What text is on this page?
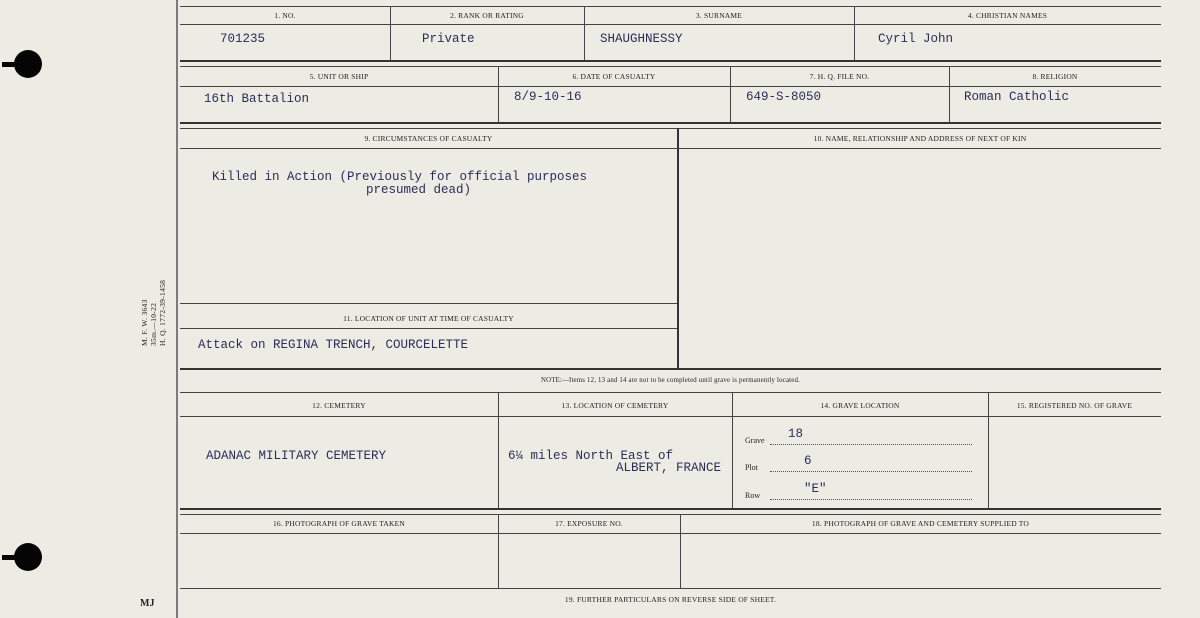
M. F. W. 3643 35m.—10-22 H. Q. 1772-39-1458
MJ
1. NO.	2. RANK OR RATING	3. SURNAME	4. CHRISTIAN NAMES
701235	Private	SHAUGHNESSY	Cyril John
5. UNIT OR SHIP	6. DATE OF CASUALTY	7. H. Q. FILE NO.	8. RELIGION
16th Battalion	8/9-10-16	649-S-8050	Roman Catholic
9. CIRCUMSTANCES OF CASUALTY	10. NAME, RELATIONSHIP AND ADDRESS OF NEXT OF KIN
Killed in Action (Previously for official purposes
presumed dead)
11. LOCATION OF UNIT AT TIME OF CASUALTY
Attack on REGINA TRENCH, COURCELETTE
NOTE:—Items 12, 13 and 14 are not to be completed until grave is permanently located.
12. CEMETERY	13. LOCATION OF CEMETERY	14. GRAVE LOCATION	15. REGISTERED NO. OF GRAVE
ADANAC MILITARY CEMETERY	6¼ miles North East of
ALBERT, FRANCE
Grave 18
Plot	6
Row	"E"
16. PHOTOGRAPH OF GRAVE TAKEN	17. EXPOSURE NO.	18. PHOTOGRAPH OF GRAVE AND CEMETERY SUPPLIED TO
19. FURTHER PARTICULARS ON REVERSE SIDE OF SHEET.
